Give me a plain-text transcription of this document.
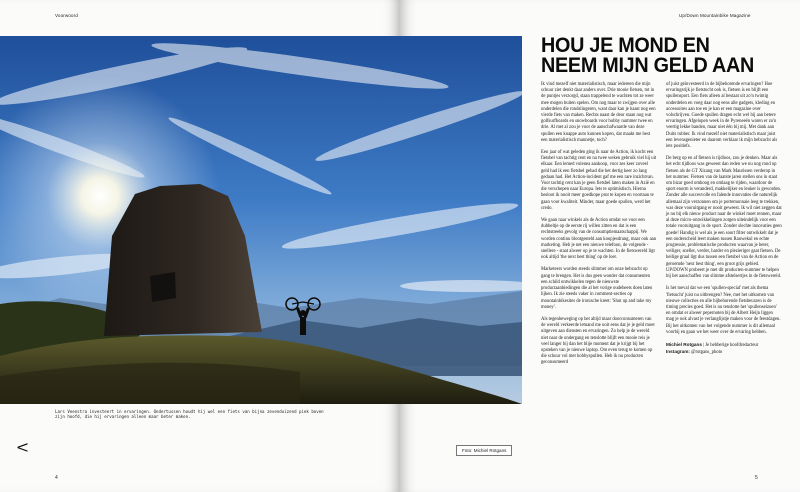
Voorwoord
V
Lars Veenstra investeert in ervaringen. Ondertussen houdt hij wel een fiets van bijna zevenduizend piek boven zijn hoofd, die hij ervaringen alleen maar beter maken.
4
Up/Down Mountainbike Magazine
5
Foto: Michiel Rotgans
HOU JE MOND EN NEEM MIJN GELD AAN

Ik vind mezelf niet materialistisch, maar iedereen die mijn schuur ziet denkt daar anders over. Drie mooie fietsen, tot in de puntjes verzorgd, staan trappelend te wachten tot ze weer mee mogen buiten spelen. Om nog maar te zwijgen over alle onderdelen die rondslingeren, want daar kan je haast nog een vierde fiets van maken. Rechts naast de deur staan nog wat golfsurfboards en snowboards voor hobby nummer twee en drie. Al met al zou je voor de aanschafwaarde van deze spullen een knappe auto kunnen kopen, dat maakt me best een materialistisch mannetje, toch?

Een jaar of wat geleden ging ik naar de Action, ik kocht een fietsbel van tachtig cent en na twee weken gebruik viel hij uit elkaar. Een lemed vulenea aankoop, voor zes keer zoveel geld had ik een fietsbel gehad die het dertig keer zo lang gedaan had. Het Action-incident gaf me een rare inzichtvan. Voor tachtig cent kan je geen fietsbel laten maken in Azië en die verschepen naar Europa. Iets te optimistisch. Hierna besloot ik nooit meer goedkope prut te kopen en voortaan te gaan voor kwaliteit. Minder, maar goede spullen, werd het credo.

We gaan naar winkels als de Action omdat we voor een dubbeltje op de eerste rij willen zitten en dat is een rechtstreeks gevolg van de consumptiemaatschappij. We worden continu blootgesteld aan koopjesdrang, maar ook aan marketing. Heb je net een nieuwe telefoon, de volgende - snellere - staat alweer op je te wachten. In de fietswereld ligt ook altijd 'the next best thing' op de loer.

Marketeers worden steeds slimmer om onze hebzucht op gang te brengen. Het is dus geen wonder dat consumenten een schild ontwikkelen tegen de nieuwste productaanbiedingen die al het vorige oudeheets doen laten lijken. Ik zie steeds vaker in comment-secties op mountainbikesites de ironische kreet: 'Shut up and take my money'.

Als tegenbeweging op het altijd maar doorconsumeren van de wereld verkeerde lemand me ooit eens dat je je geld moet uitgeven aan diensten en ervaringen. Zo help je de wereld niet naar de ondergang en tenslotte blijft een mooie reis je veel langer bij dan het blije moment dat je krijgt bij het opsteken van je nieuwe laptop. Om even terug te komen op die schuur vol met hobbyspullen. Heb ik nu producten geconsumeerd

of juist geïnvesteerd in de bijbehorende ervaringen? Hoe ervaringsrijk je fietstocht ook is, fietsen is en blijft een spullensport. Een fiets alleen al bestaat uit zo'n twintig onderdelen en voeg daar nog eens alle gadgets, kleding en accessoires aan toe en je kan er een magazine over volschrijven. Goede spullen dragen echt wel bij aan betere ervaringen. Afgelopen week in de Pyreneeën waren er zo'n veertig lekke banden, maar niet één bij mij. Met dank aan Duits rubber. Ik vind mezelf niet materialistisch maar juist een levensgenieter en daarom verklaar ik mijn hebzucht als iets positiefs.

De berg op en af fietsen is tijdloos, zou je denken. Maar als het echt tijdloos was geweest dan reden we nu nog rond op fietsen als de GT Xizang van Mark Maurissen verderop in het nummer. Fietsen van de laatste jaren stellen ons in staat om bizar goed omhoog en omlaag te rijden, waardoor de sport enorm is veranderd, makkelijker en leuker is geworden. Zonder alle succesvolle en falende innovaties die naturelijk allemaal zijn verzonnen om je portemonnaie leeg te trekken, was deze vooruitgang er nooit geweest. Ik wil niet zeggen dat je nu bij elk nieuw product naar de winkel moet rennen, maar al deze micro-ontwikkelingen zorgen uiteindelijk voor een totale vooruitgang in de sport. Zonder slechte innovaties geen goede! Handig is wel als je een soort filter ontwikkelt dat je een onderscheid leert maken tussen Rauwekul en echte progressie, problematische producten waarvan je beter, veiliger, sneller, verder, harder en plezieriger gaat fietsen. De heilige graal ligt dus tussen een fietsbel van de Action en de geroemde 'next best thing', een groot grijs gebied. UP/DOWN probeert je met dit producten-nummer te helpen bij het aanschaffen van slimme afstelsertjes in de fietswereld.

Is het toeval dat we een 'spullen-special' met als thema 'fietsucht' juist nu uitbrengen? Nee, met het uitkomen van nieuwe collecties en alle bijbehorende fietsbeurzen is de timing precies goed. Het is nu tenslotte het 'spullenseizoen' en omdat er alweer pepernoten bij de Albert Heijn liggen mag je ook alvast je verlanglijstje maken voor de feestdagen. Bij het uitkomen van het volgende nummer is dit allemaal voorbij en gaan we het weer over de ervaring hebben.

Michiel Rotgans | Je hebberige hoofdredacteur
Instagram: @rotgans_photo
